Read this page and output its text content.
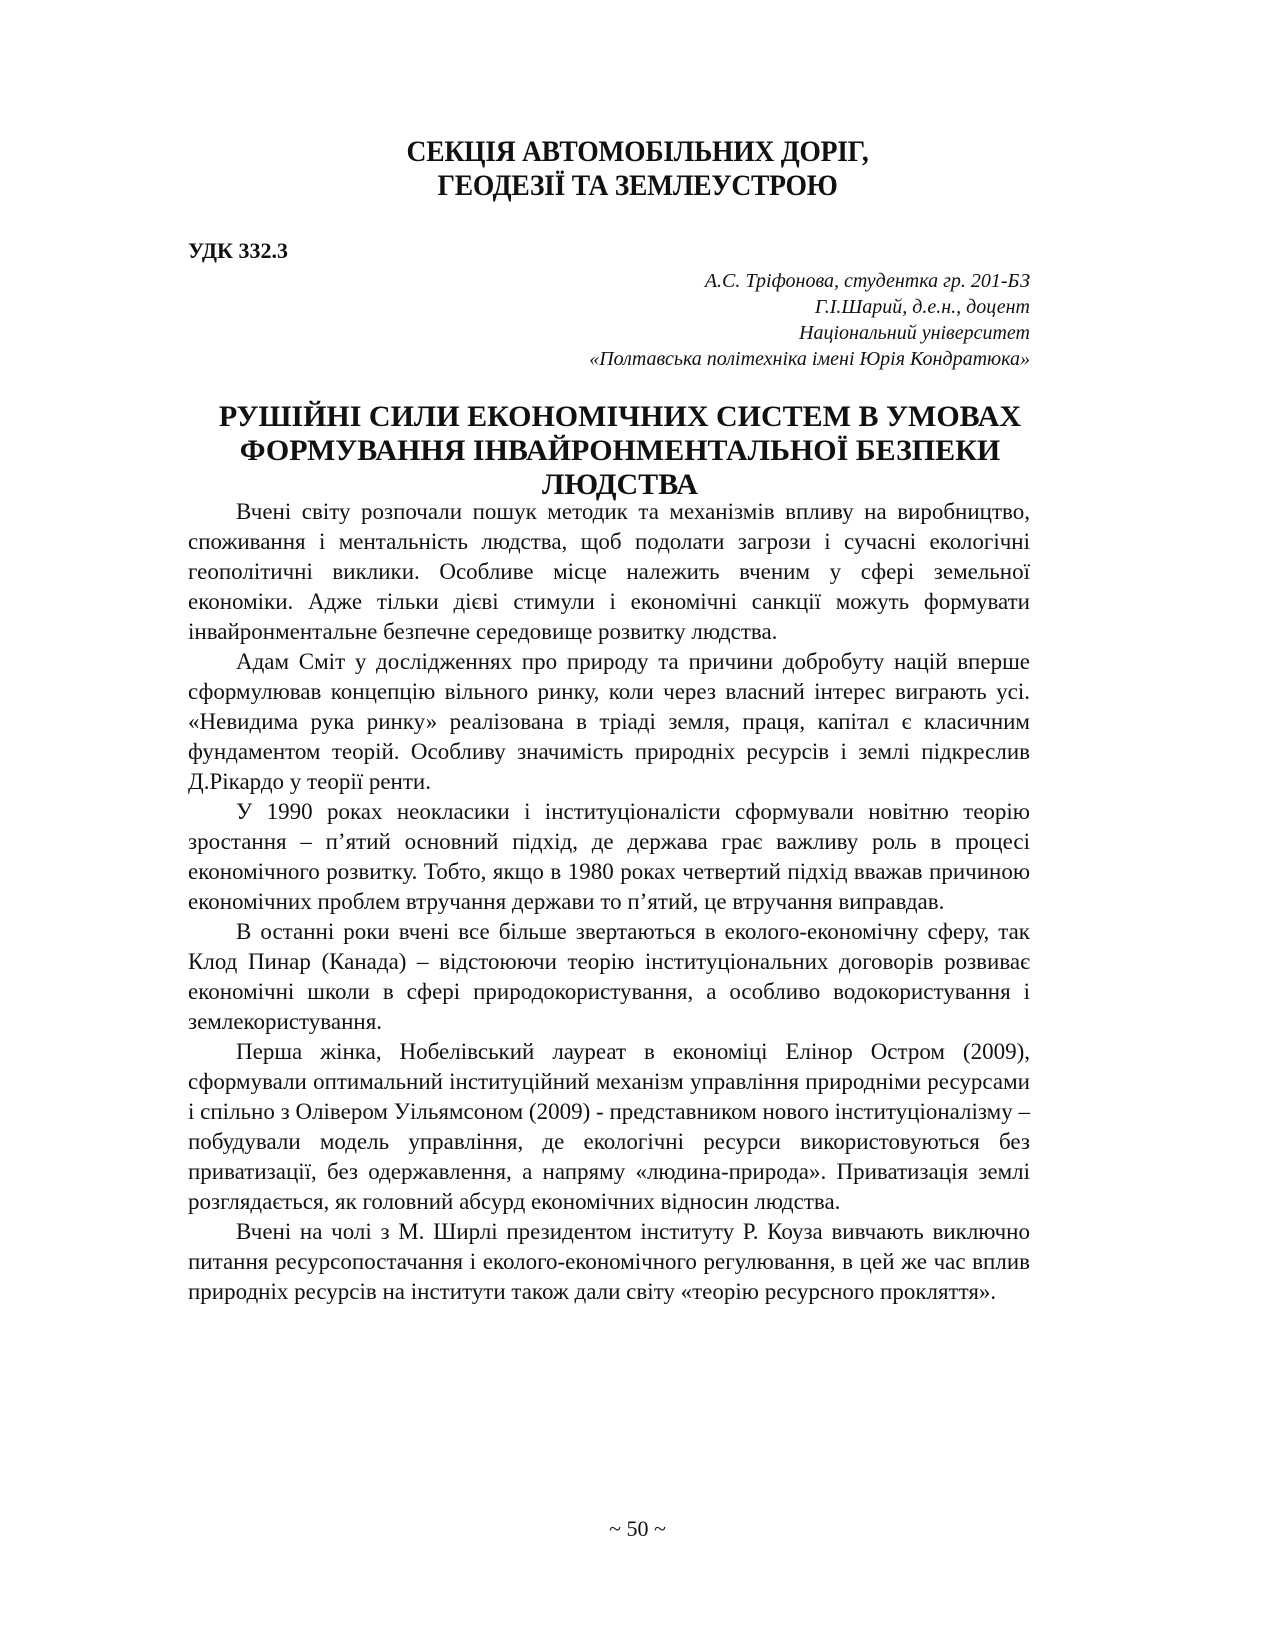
СЕКЦІЯ АВТОМОБІЛЬНИХ ДОРІГ,
ГЕОДЕЗІЇ ТА ЗЕМЛЕУСТРОЮ
УДК 332.3
А.С. Тріфонова, студентка гр. 201-БЗ
Г.І.Шарий, д.е.н., доцент
Національний університет
«Полтавська політехніка імені Юрія Кондратюка»
РУШІЙНІ СИЛИ ЕКОНОМІЧНИХ СИСТЕМ В УМОВАХ
ФОРМУВАННЯ ІНВАЙРОНМЕНТАЛЬНОЇ БЕЗПЕКИ
ЛЮДСТВА

Вчені світу розпочали пошук методик та механізмів впливу на виробництво, споживання і ментальність людства, щоб подолати загрози і сучасні екологічні геополітичні виклики. Особливе місце належить вченим у сфері земельної економіки. Адже тільки дієві стимули і економічні санкції можуть формувати інвайронментальне безпечне середовище розвитку людства.

Адам Сміт у дослідженнях про природу та причини добробуту націй вперше сформулював концепцію вільного ринку, коли через власний інтерес виграють усі. «Невидима рука ринку» реалізована в тріаді земля, праця, капітал є класичним фундаментом теорій. Особливу значимість природніх ресурсів і землі підкреслив Д.Рікардо у теорії ренти.

У 1990 роках неокласики і інституціоналісти сформували новітню теорію зростання – п’ятий основний підхід, де держава грає важливу роль в процесі економічного розвитку. Тобто, якщо в 1980 роках четвертий підхід вважав причиною економічних проблем втручання держави то п’ятий, це втручання виправдав.

В останні роки вчені все більше звертаються в еколого-економічну сферу, так Клод Пинар (Канада) – відстоюючи теорію інституціональних договорів розвиває економічні школи в сфері природокористування, а особливо водокористування і землекористування.

Перша жінка, Нобелівський лауреат в економіці Елінор Остром (2009), сформували оптимальний інституційний механізм управління природніми ресурсами і спільно з Олівером Уільямсоном (2009) - представником нового інституціоналізму – побудували модель управління, де екологічні ресурси використовуються без приватизації, без одержавлення, а напряму «людина-природа». Приватизація землі розглядається, як головний абсурд економічних відносин людства.

Вчені на чолі з М. Ширлі президентом інституту Р. Коуза вивчають виключно питання ресурсопостачання і еколого-економічного регулювання, в цей же час вплив природніх ресурсів на інститути також дали світу «теорію ресурсного прокляття».

~ 50 ~
